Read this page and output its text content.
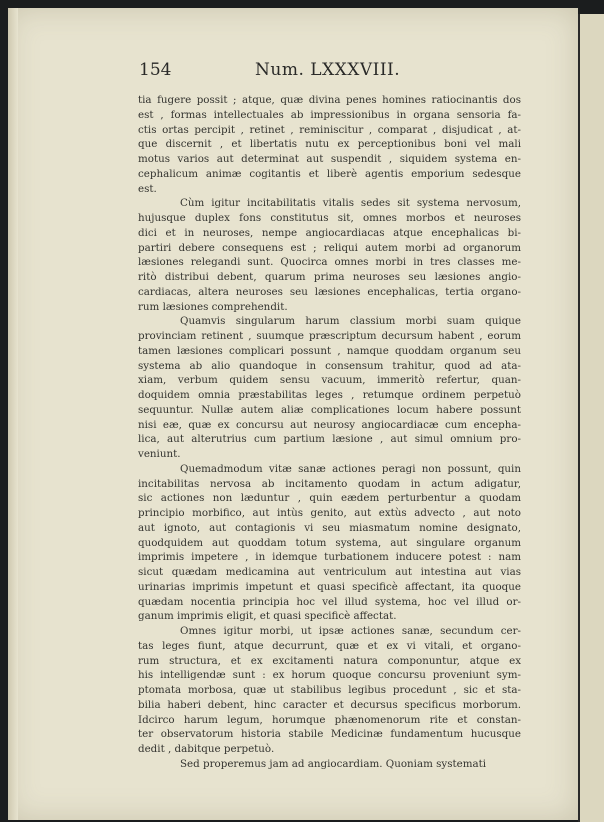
154	Num. LXXXVIII.
tia fugere possit ; atque, quæ divina penes homines ratiocinantis dos
est , formas intellectuales ab impressionibus in organa sensoria fa-
ctis ortas percipit , retinet , reminiscitur , comparat , disjudicat , at-
que discernit , et libertatis nutu ex perceptionibus boni vel mali
motus varios aut determinat aut suspendit , siquidem systema en-
cephalicum animæ cogitantis et liberè agentis emporium sedesque
est.
Cùm igitur incitabilitatis vitalis sedes sit systema nervosum,
hujusque duplex fons constitutus sit, omnes morbos et neuroses
dici et in neuroses, nempe angiocardiacas atque encephalicas bi-
partiri debere consequens est ; reliqui autem morbi ad organorum
læsiones relegandi sunt. Quocirca omnes morbi in tres classes me-
ritò distribui debent, quarum prima neuroses seu læsiones angio-
cardiacas, altera neuroses seu læsiones encephalicas, tertia organo-
rum læsiones comprehendit.
Quamvis singularum harum classium morbi suam quique
provinciam retinent , suumque præscriptum decursum habent , eorum
tamen læsiones complicari possunt , namque quoddam organum seu
systema ab alio quandoque in consensum trahitur, quod ad ata-
xiam, verbum quidem sensu vacuum, immeritò refertur, quan-
doquidem omnia præstabilitas leges , retumque ordinem perpetuò
sequuntur. Nullæ autem aliæ complicationes locum habere possunt
nisi eæ, quæ ex concursu aut neurosy angiocardiacæ cum encepha-
lica, aut alterutrius cum partium læsione , aut simul omnium pro-
veniunt.
Quemadmodum vitæ sanæ actiones peragi non possunt, quin
incitabilitas nervosa ab incitamento quodam in actum adigatur,
sic actiones non læduntur , quin eædem perturbentur a quodam
principio morbifico, aut intùs genito, aut extùs advecto , aut noto
aut ignoto, aut contagionis vi seu miasmatum nomine designato,
quodquidem aut quoddam totum systema, aut singulare organum
imprimis impetere , in idemque turbationem inducere potest : nam
sicut quædam medicamina aut ventriculum aut intestina aut vias
urinarias imprimis impetunt et quasi specificè affectant, ita quoque
quædam nocentia principia hoc vel illud systema, hoc vel illud or-
ganum imprimis eligit, et quasi specificè affectat.
Omnes igitur morbi, ut ipsæ actiones sanæ, secundum cer-
tas leges fiunt, atque decurrunt, quæ et ex vi vitali, et organo-
rum structura, et ex excitamenti natura componuntur, atque ex
his intelligendæ sunt : ex horum quoque concursu proveniunt sym-
ptomata morbosa, quæ ut stabilibus legibus procedunt , sic et sta-
bilia haberi debent, hinc caracter et decursus specificus morborum.
Idcirco harum legum, horumque phænomenorum rite et constan-
ter observatorum historia stabile Medicinæ fundamentum hucusque
dedit , dabitque perpetuò.
Sed properemus jam ad angiocardiam. Quoniam systemati
